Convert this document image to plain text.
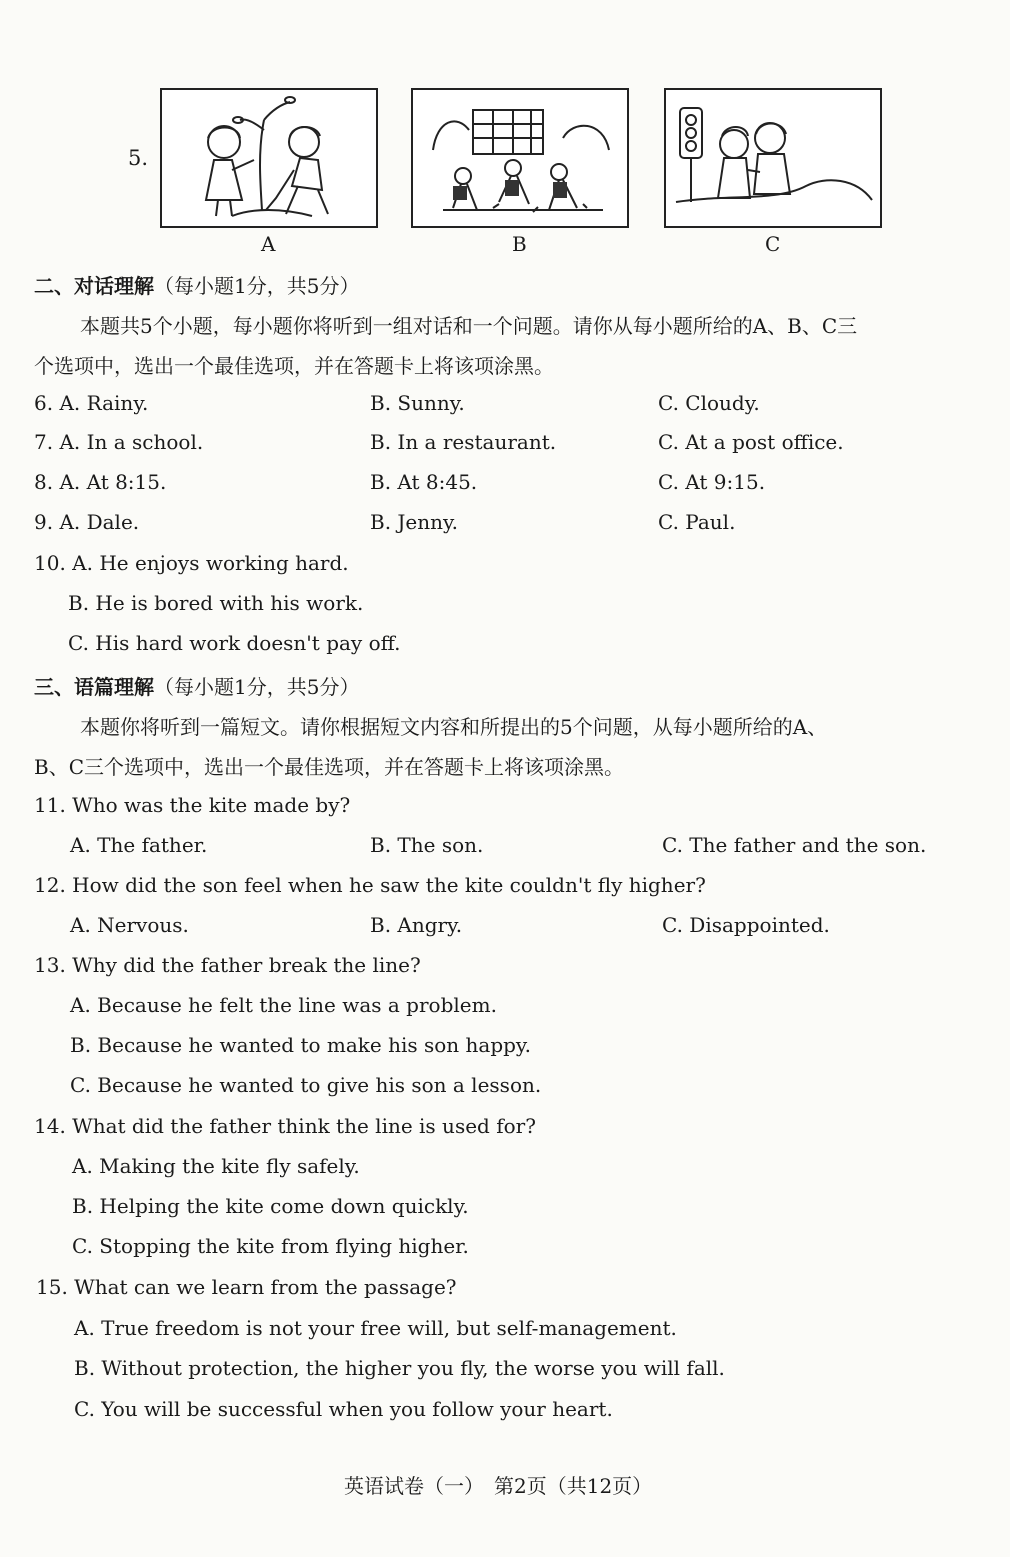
5.
A	B	C
二、对话理解（每小题1分，共5分）
本题共5个小题，每小题你将听到一组对话和一个问题。请你从每小题所给的A、B、C三
个选项中，选出一个最佳选项，并在答题卡上将该项涂黑。
6. A. Rainy.	B. Sunny.	C. Cloudy.
7. A. In a school.	B. In a restaurant.	C. At a post office.
8. A. At 8:15.	B. At 8:45.	C. At 9:15.
9. A. Dale.	B. Jenny.	C. Paul.
10. A. He enjoys working hard.
B. He is bored with his work.
C. His hard work doesn't pay off.
三、语篇理解（每小题1分，共5分）
本题你将听到一篇短文。请你根据短文内容和所提出的5个问题，从每小题所给的A、
B、C三个选项中，选出一个最佳选项，并在答题卡上将该项涂黑。
11. Who was the kite made by?
A. The father.	B. The son.	C. The father and the son.
12. How did the son feel when he saw the kite couldn't fly higher?
A. Nervous.	B. Angry.	C. Disappointed.
13. Why did the father break the line?
A. Because he felt the line was a problem.
B. Because he wanted to make his son happy.
C. Because he wanted to give his son a lesson.
14. What did the father think the line is used for?
A. Making the kite fly safely.
B. Helping the kite come down quickly.
C. Stopping the kite from flying higher.
15. What can we learn from the passage?
A. True freedom is not your free will, but self-management.
B. Without protection, the higher you fly, the worse you will fall.
C. You will be successful when you follow your heart.
英语试卷（一）　第2页（共12页）
